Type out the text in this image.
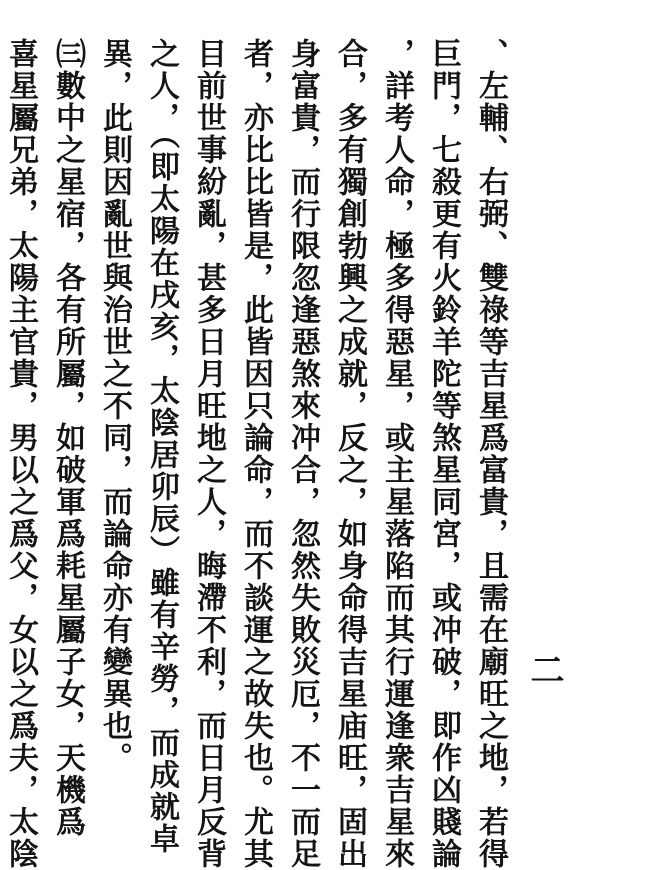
二
、左輔、右弼、雙祿等吉星爲富貴，且需在廟旺之地，若得
巨門，七殺更有火鈴羊陀等煞星同宮，或冲破，即作凶賤論
，詳考人命，極多得惡星，或主星落陷而其行運逢衆吉星來
合，多有獨創勃興之成就，反之，如身命得吉星庙旺，固出
身富貴，而行限忽逢惡煞來冲合，忽然失敗災厄，不一而足
者，亦比比皆是，此皆因只論命，而不談運之故失也。尤其
目前世事紛亂，甚多日月旺地之人，晦滯不利，而日月反背
之人，（即太陽在戌亥，太陰居卯辰）雖有辛勞，而成就卓
異，此則因亂世與治世之不同，而論命亦有變異也。
㈢數中之星宿，各有所屬，如破軍爲耗星屬子女，天機爲
喜星屬兄弟，太陽主官貴，男以之爲父，女以之爲夫，太陰
